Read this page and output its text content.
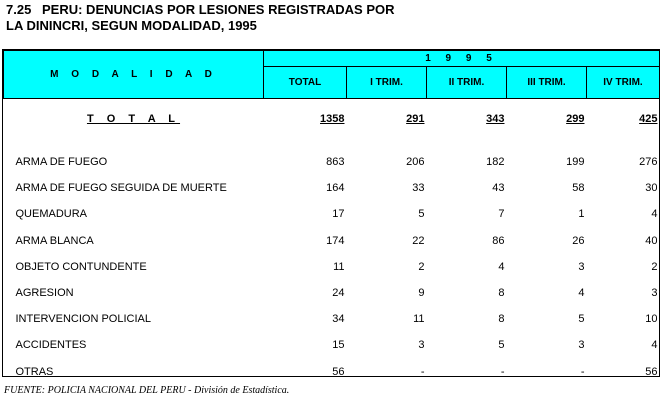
7.25 PERU: DENUNCIAS POR LESIONES REGISTRADAS POR
LA DININCRI, SEGUN MODALIDAD, 1995
M O D A L I D A D	1 9 9 5				
	TOTAL	I TRIM.	II TRIM.	III TRIM.	IV TRIM.
T O T A L	1358	291	343	299	425

ARMA DE FUEGO	863	206	182	199	276
ARMA DE FUEGO SEGUIDA DE MUERTE	164	33	43	58	30
QUEMADURA	17	5	7	1	4
ARMA BLANCA	174	22	86	26	40
OBJETO CONTUNDENTE	11	2	4	3	2
AGRESION	24	9	8	4	3
INTERVENCION POLICIAL	34	11	8	5	10
ACCIDENTES	15	3	5	3	4
OTRAS	56	-	-	-	56
FUENTE: POLICIA NACIONAL DEL PERU - División de Estadística.
